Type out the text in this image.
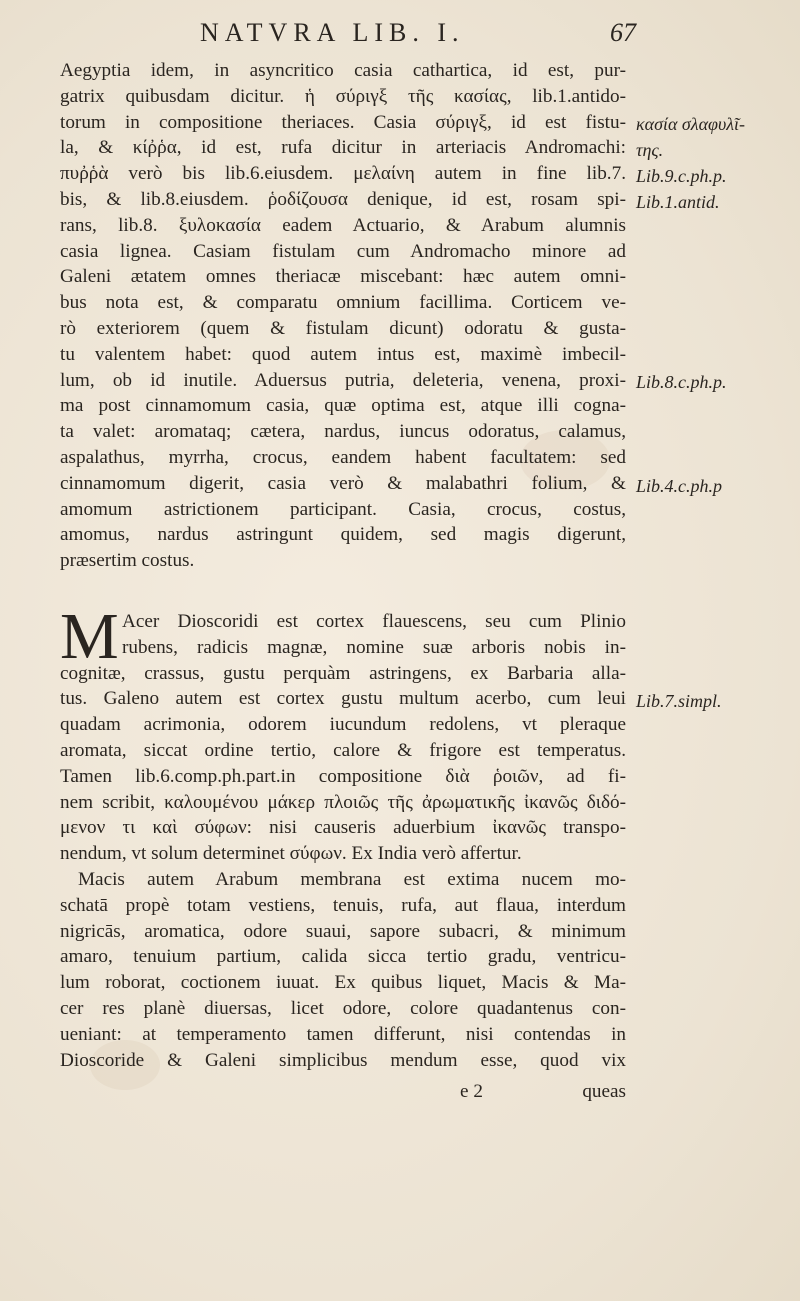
NATVRA LIB. I.	67
Aegyptia idem, in asyncritico casia cathartica, id est, pur-
gatrix quibusdam dicitur. ἡ σύριγξ τῆς κασίας, lib.1.antido-
torum in compositione theriaces. Casia σύριγξ, id est fistu-
la, & κίῤῥα, id est, rufa dicitur in arteriacis Andromachi:
πυῤῥὰ verò bis lib.6.eiusdem. μελαίνη autem in fine lib.7.
bis, & lib.8.eiusdem. ῥοδίζουσα denique, id est, rosam spi-
rans, lib.8. ξυλοκασία eadem Actuario, & Arabum alumnis
casia lignea. Casiam fistulam cum Andromacho minore ad
Galeni ætatem omnes theriacæ miscebant: hæc autem omni-
bus nota est, & comparatu omnium facillima. Corticem ve-
rò exteriorem (quem & fistulam dicunt) odoratu & gusta-
tu valentem habet: quod autem intus est, maximè imbecil-
lum, ob id inutile. Aduersus putria, deleteria, venena, proxi-
ma post cinnamomum casia, quæ optima est, atque illi cogna-
ta valet: aromataq; cætera, nardus, iuncus odoratus, calamus,
aspalathus, myrrha, crocus, eandem habent facultatem: sed
cinnamomum digerit, casia verò & malabathri folium, &
amomum astrictionem participant. Casia, crocus, costus,
amomus, nardus astringunt quidem, sed magis digerunt,
præsertim costus.
M Acer Dioscoridi est cortex flauescens, seu cum Plinio
rubens, radicis magnæ, nomine suæ arboris nobis in-
cognitæ, crassus, gustu perquàm astringens, ex Barbaria alla-
tus. Galeno autem est cortex gustu multum acerbo, cum leui
quadam acrimonia, odorem iucundum redolens, vt pleraque
aromata, siccat ordine tertio, calore & frigore est temperatus.
Tamen lib.6.comp.ph.part.in compositione διὰ ῥοιῶν, ad fi-
nem scribit, καλουμένου μάκερ πλοιῶς τῆς ἀρωματικῆς ἰκανῶς διδό-
μενον τι καὶ σύφων: nisi causeris aduerbium ἰκανῶς transpo-
nendum, vt solum determinet σύφων. Ex India verò affertur.
Macis autem Arabum membrana est extima nucem mo-
schatā propè totam vestiens, tenuis, rufa, aut flaua, interdum
nigricās, aromatica, odore suaui, sapore subacri, & minimum
amaro, tenuium partium, calida sicca tertio gradu, ventricu-
lum roborat, coctionem iuuat. Ex quibus liquet, Macis & Ma-
cer res planè diuersas, licet odore, colore quadantenus con-
ueniant: at temperamento tamen differunt, nisi contendas in
Dioscoride & Galeni simplicibus mendum esse, quod vix
e 2	queas
κασία σλαφυλῖ-
της.
Lib.9.c.ph.p.
Lib.1.antid.
Lib.8.c.ph.p.
Lib.4.c.ph.p
Lib.7.simpl.
